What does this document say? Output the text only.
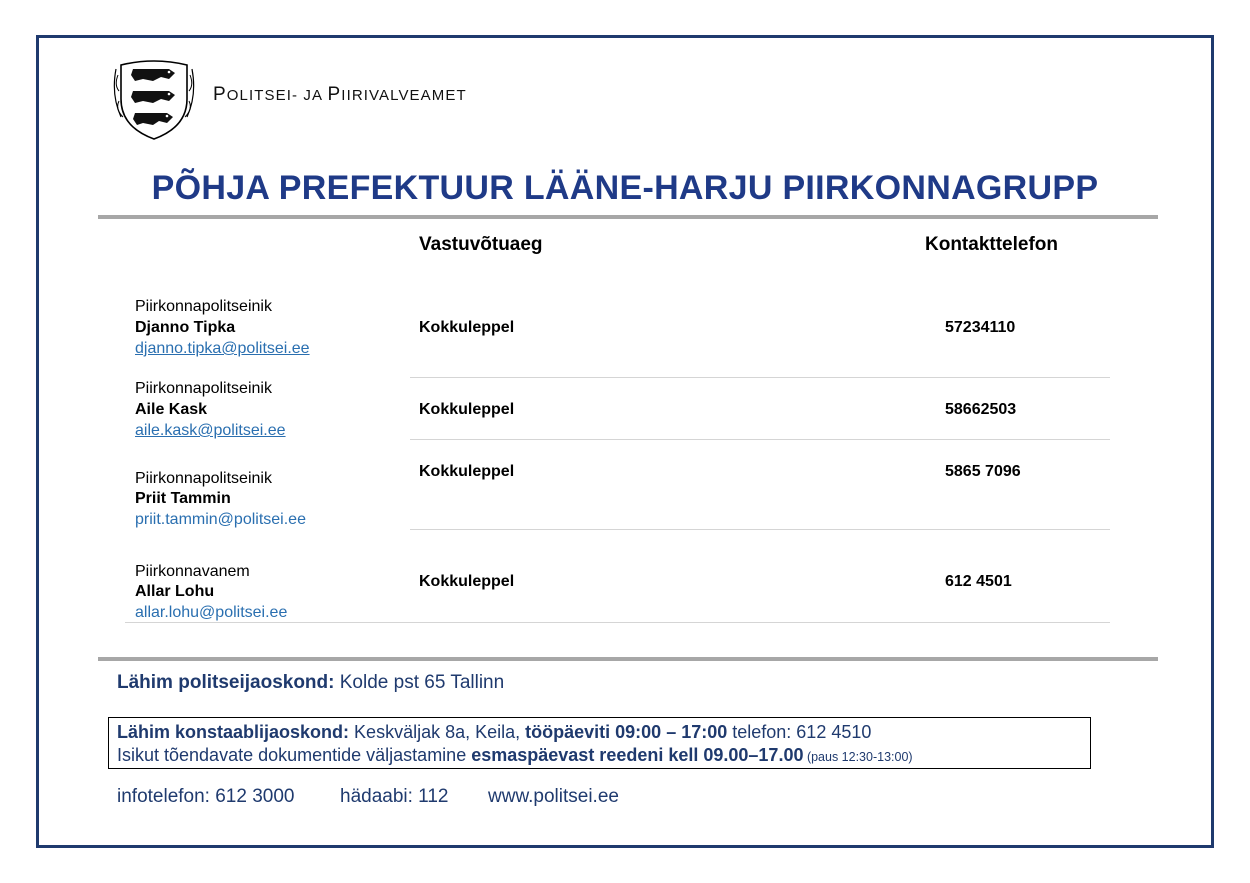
POLITSEI- JA PIIRIVALVEAMET
PÕHJA PREFEKTUUR LÄÄNE-HARJU PIIRKONNAGRUPP
Vastuvõtuaeg	Kontakttelefon
Piirkonnapolitseinik
Djanno Tipka
djanno.tipka@politsei.ee
Kokkuleppel	57234110
Piirkonnapolitseinik
Aile Kask
aile.kask@politsei.ee
Kokkuleppel	58662503
Piirkonnapolitseinik
Priit Tammin
priit.tammin@politsei.ee
Kokkuleppel	5865 7096
Piirkonnavanem
Allar Lohu
allar.lohu@politsei.ee
Kokkuleppel	612 4501
Lähim politseijaoskond: Kolde pst 65 Tallinn
Lähim konstaablijaoskond: Keskväljak 8a, Keila, tööpäeviti 09:00 – 17:00 telefon: 612 4510
Isikut tõendavate dokumentide väljastamine esmaspäevast reedeni kell 09.00–17.00 (paus 12:30-13:00)
infotelefon: 612 3000 hädaabi: 112 www.politsei.ee
